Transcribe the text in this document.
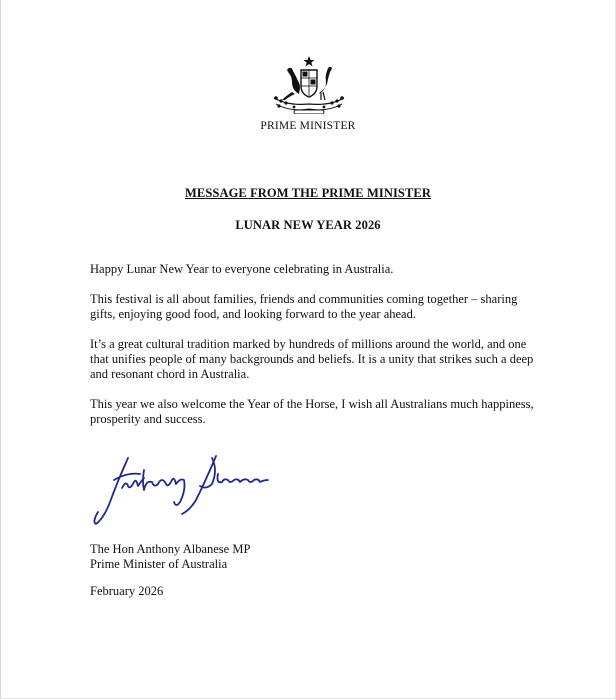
PRIME MINISTER
MESSAGE FROM THE PRIME MINISTER
LUNAR NEW YEAR 2026

Happy Lunar New Year to everyone celebrating in Australia.

This festival is all about families, friends and communities coming together – sharing gifts, enjoying good food, and looking forward to the year ahead.

It’s a great cultural tradition marked by hundreds of millions around the world, and one that unifies people of many backgrounds and beliefs. It is a unity that strikes such a deep and resonant chord in Australia.

This year we also welcome the Year of the Horse, I wish all Australians much happiness, prosperity and success.

The Hon Anthony Albanese MP
Prime Minister of Australia
February 2026
